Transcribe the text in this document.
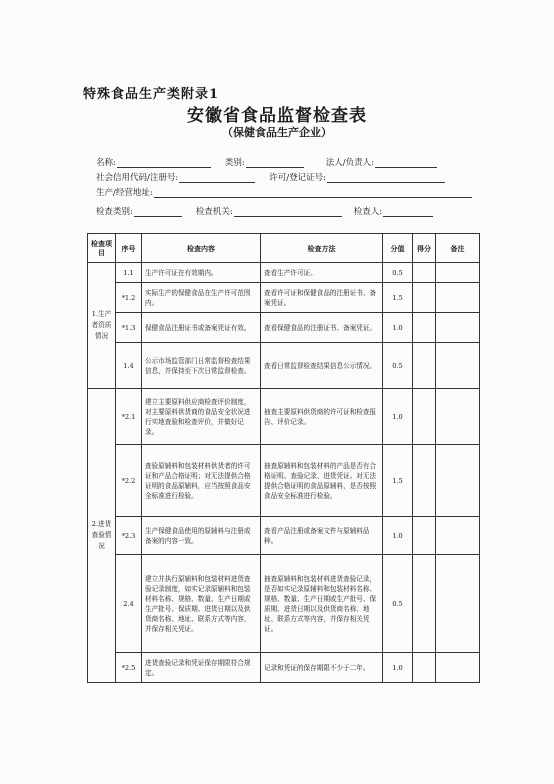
特殊食品生产类附录1
安徽省食品监督检查表
（保健食品生产企业）
名称:	类别:	法人/负责人:
社会信用代码/注册号:	许可/登记证号:
生产/经营地址:
检查类别:	检查机关:	检查人:
检查项目	序号	检查内容	检查方法	分值	得分	备注
1.生产者资质情况	1.1	生产许可证在有效期内。	查看生产许可证。	0.5		
	*1.2	实际生产的保健食品在生产许可范围内。	查看许可证和保健食品的注册证书、备案凭证。	1.5		
	*1.3	保健食品注册证书或备案凭证有效。	查看保健食品的注册证书、备案凭证。	1.0		
	1.4	公示市场监管部门日常监督检查结果信息，并保持至下次日常监督检查。	查看日常监督检查结果信息公示情况。	0.5		
2.进货查验情况	*2.1	建立主要原料供应商检查评价制度，对主要原料供货商的食品安全状况进行实地查验和检查评价，并做好记录。	抽查主要原料供货商的许可证和检查报告、评价记录。	1.0		
	*2.2	查验原辅料和包装材料供货者的许可证和产品合格证明；对无法提供合格证明的食品原辅料，应当按照食品安全标准进行检验。	抽查原辅料和包装材料的产品是否有合格证明、查验记录、进货凭证。对无法提供合格证明的食品原辅料，是否按照食品安全标准进行检验。	1.5		
	*2.3	生产保健食品使用的原辅料与注册或备案的内容一致。	查看产品注册或备案文件与原辅料品种。	1.0		
	2.4	建立并执行原辅料和包装材料进货查验记录制度，如实记录原辅料和包装材料名称、规格、数量、生产日期或生产批号、保质期、进货日期以及供货商名称、地址、联系方式等内容，并保存相关凭证。	抽查原辅料和包装材料进货查验记录，是否如实记录原辅料和包装材料名称、规格、数量、生产日期或生产批号、保质期、进货日期以及供货商名称、地址、联系方式等内容，并保存相关凭证。	0.5		
	*2.5	进货查验记录和凭证保存期限符合规定。	记录和凭证的保存期限不少于二年。	1.0		
